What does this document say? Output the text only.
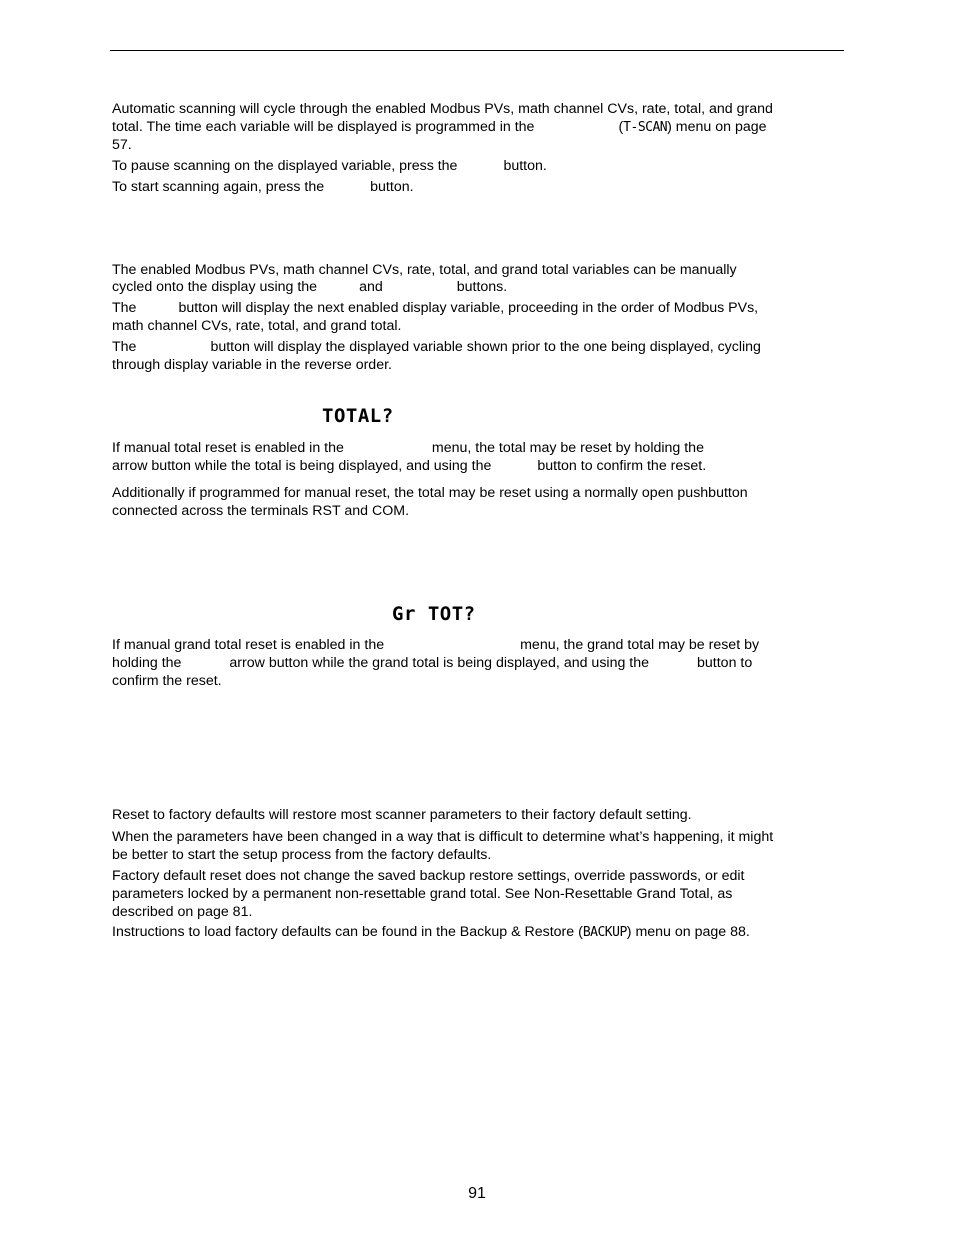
Automatic scanning will cycle through the enabled Modbus PVs, math channel CVs, rate, total, and grand

total. The time each variable will be displayed is programmed in the	(T-SCAN) menu on page

57.

To pause scanning on the displayed variable, press the	button.

To start scanning again, press the	button.

The enabled Modbus PVs, math channel CVs, rate, total, and grand total variables can be manually

cycled onto the display using the	and	buttons.

The	button will display the next enabled display variable, proceeding in the order of Modbus PVs,

math channel CVs, rate, total, and grand total.

The	button will display the displayed variable shown prior to the one being displayed, cycling

through display variable in the reverse order.

TOTAL?

If manual total reset is enabled in the	menu, the total may be reset by holding the

arrow button while the total is being displayed, and using the	button to confirm the reset.

Additionally if programmed for manual reset, the total may be reset using a normally open pushbutton

connected across the terminals RST and COM.

Gr TOT?

If manual grand total reset is enabled in the	menu, the grand total may be reset by

holding the	arrow button while the grand total is being displayed, and using the	button to

confirm the reset.

Reset to factory defaults will restore most scanner parameters to their factory default setting.

When the parameters have been changed in a way that is difficult to determine what’s happening, it might

be better to start the setup process from the factory defaults.

Factory default reset does not change the saved backup restore settings, override passwords, or edit

parameters locked by a permanent non-resettable grand total. See Non-Resettable Grand Total, as

described on page 81.

Instructions to load factory defaults can be found in the Backup & Restore (BACKUP) menu on page 88.

91
